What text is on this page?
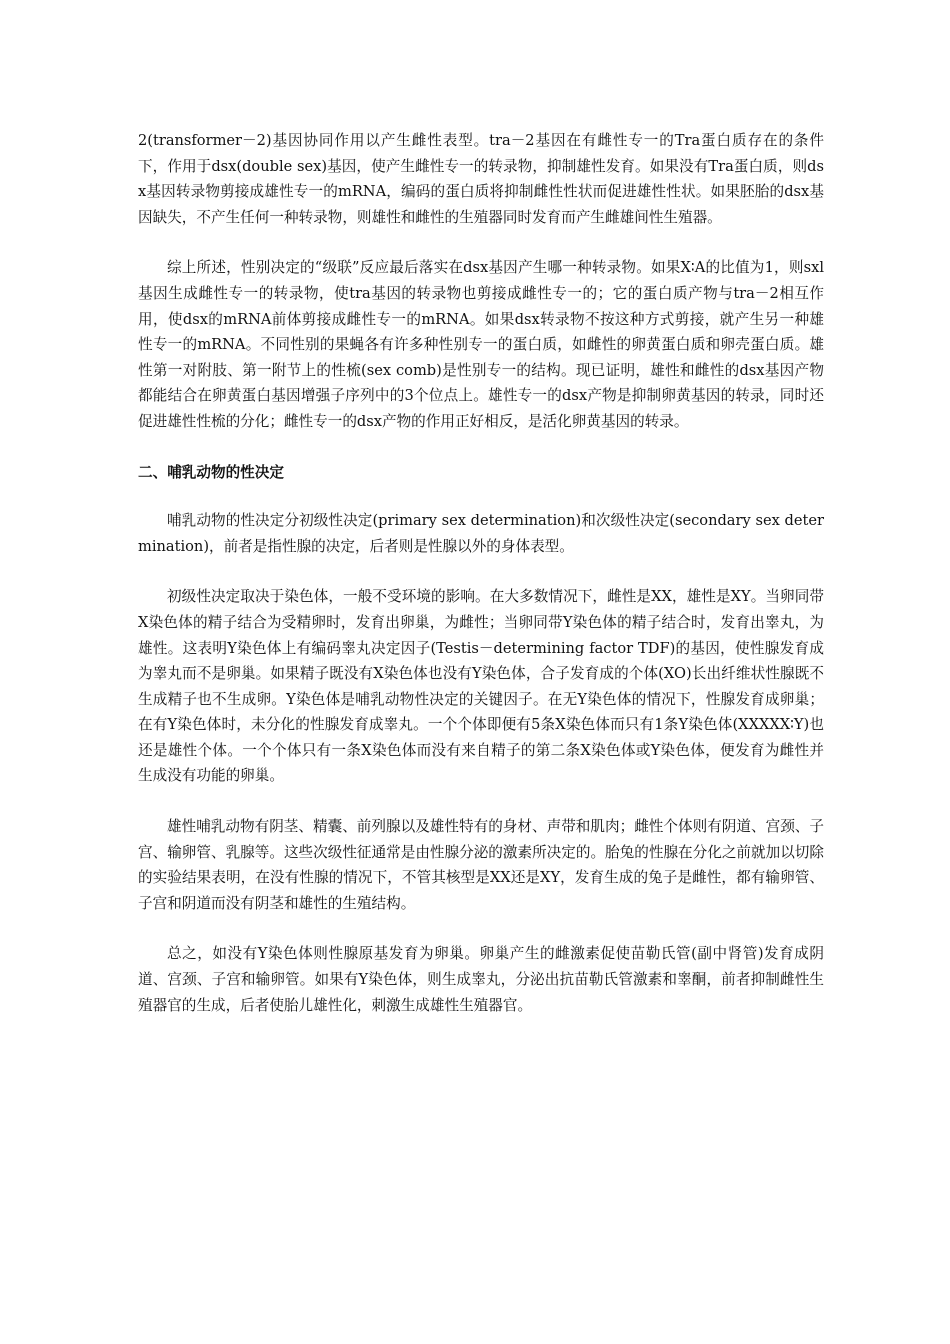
2(transformer－2)基因协同作用以产生雌性表型。tra－2基因在有雌性专一的Tra蛋白质存在的条件下，作用于dsx(double sex)基因，使产生雌性专一的转录物，抑制雄性发育。如果没有Tra蛋白质，则dsx基因转录物剪接成雄性专一的mRNA，编码的蛋白质将抑制雌性性状而促进雄性性状。如果胚胎的dsx基因缺失，不产生任何一种转录物，则雄性和雌性的生殖器同时发育而产生雌雄间性生殖器。

综上所述，性别决定的“级联”反应最后落实在dsx基因产生哪一种转录物。如果X∶A的比值为1，则sxl基因生成雌性专一的转录物，使tra基因的转录物也剪接成雌性专一的；它的蛋白质产物与tra－2相互作用，使dsx的mRNA前体剪接成雌性专一的mRNA。如果dsx转录物不按这种方式剪接，就产生另一种雄性专一的mRNA。不同性别的果蝇各有许多种性别专一的蛋白质，如雌性的卵黄蛋白质和卵壳蛋白质。雄性第一对附肢、第一附节上的性梳(sex comb)是性别专一的结构。现已证明，雄性和雌性的dsx基因产物都能结合在卵黄蛋白基因增强子序列中的3个位点上。雄性专一的dsx产物是抑制卵黄基因的转录，同时还促进雄性性梳的分化；雌性专一的dsx产物的作用正好相反，是活化卵黄基因的转录。

二、哺乳动物的性决定

哺乳动物的性决定分初级性决定(primary sex determination)和次级性决定(secondary sex determination)，前者是指性腺的决定，后者则是性腺以外的身体表型。

初级性决定取决于染色体，一般不受环境的影响。在大多数情况下，雌性是XX，雄性是XY。当卵同带X染色体的精子结合为受精卵时，发育出卵巢，为雌性；当卵同带Y染色体的精子结合时，发育出睾丸，为雄性。这表明Y染色体上有编码睾丸决定因子(Testis－determining factor TDF)的基因，使性腺发育成为睾丸而不是卵巢。如果精子既没有X染色体也没有Y染色体，合子发育成的个体(XO)长出纤维状性腺既不生成精子也不生成卵。Y染色体是哺乳动物性决定的关键因子。在无Y染色体的情况下，性腺发育成卵巢；在有Y染色体时，未分化的性腺发育成睾丸。一个个体即便有5条X染色体而只有1条Y染色体(XXXXX∶Y)也还是雄性个体。一个个体只有一条X染色体而没有来自精子的第二条X染色体或Y染色体，便发育为雌性并生成没有功能的卵巢。

雄性哺乳动物有阴茎、精囊、前列腺以及雄性特有的身材、声带和肌肉；雌性个体则有阴道、宫颈、子宫、输卵管、乳腺等。这些次级性征通常是由性腺分泌的激素所决定的。胎兔的性腺在分化之前就加以切除的实验结果表明，在没有性腺的情况下，不管其核型是XX还是XY，发育生成的兔子是雌性，都有输卵管、子宫和阴道而没有阴茎和雄性的生殖结构。

总之，如没有Y染色体则性腺原基发育为卵巢。卵巢产生的雌激素促使苗勒氏管(副中肾管)发育成阴道、宫颈、子宫和输卵管。如果有Y染色体，则生成睾丸，分泌出抗苗勒氏管激素和睾酮，前者抑制雌性生殖器官的生成，后者使胎儿雄性化，刺激生成雄性生殖器官。
